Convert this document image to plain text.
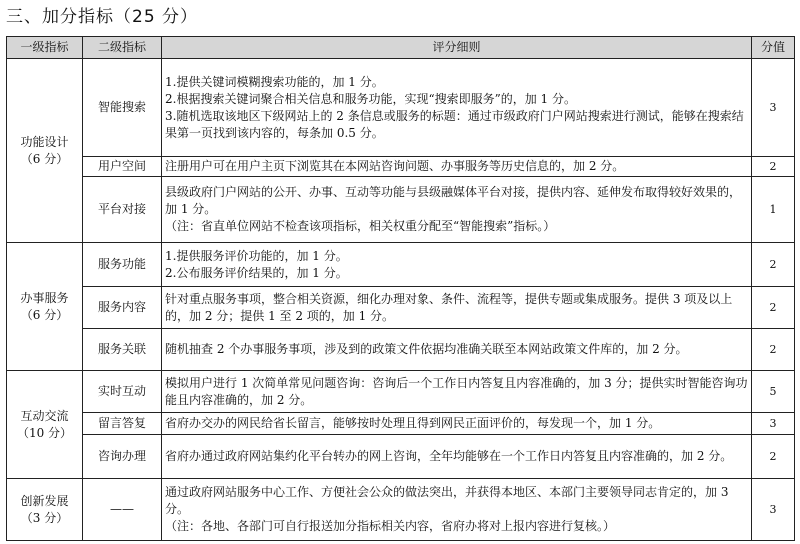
三、加分指标（25 分）
一级指标	二级指标	评分细则	分值

功能设计
（6 分）	智能搜索	1.提供关键词模糊搜索功能的，加 1 分。
2.根据搜索关键词聚合相关信息和服务功能，实现“搜索即服务”的，加 1 分。
3.随机选取该地区下级网站上的 2 条信息或服务的标题：通过市级政府门户网站搜索进行测试，能够在搜索结果第一页找到该内容的，每条加 0.5 分。	3
	用户空间	注册用户可在用户主页下浏览其在本网站咨询问题、办事服务等历史信息的，加 2 分。	2
	平台对接	县级政府门户网站的公开、办事、互动等功能与县级融媒体平台对接，提供内容、延伸发布取得较好效果的，加 1 分。
（注：省直单位网站不检查该项指标，相关权重分配至“智能搜索”指标。）	1

办事服务
（6 分）	服务功能	1.提供服务评价功能的，加 1 分。
2.公布服务评价结果的，加 1 分。	2
	服务内容	针对重点服务事项，整合相关资源，细化办理对象、条件、流程等，提供专题或集成服务。提供 3 项及以上的，加 2 分；提供 1 至 2 项的，加 1 分。	2
	服务关联	随机抽查 2 个办事服务事项，涉及到的政策文件依据均准确关联至本网站政策文件库的，加 2 分。	2

互动交流
（10 分）	实时互动	模拟用户进行 1 次简单常见问题咨询：咨询后一个工作日内答复且内容准确的，加 3 分；提供实时智能咨询功能且内容准确的，加 2 分。	5
	留言答复	省府办交办的网民给省长留言，能够按时处理且得到网民正面评价的，每发现一个，加 1 分。	3
	咨询办理	省府办通过政府网站集约化平台转办的网上咨询，全年均能够在一个工作日内答复且内容准确的，加 2 分。	2

创新发展
（3 分）	——	通过政府网站服务中心工作、方便社会公众的做法突出，并获得本地区、本部门主要领导同志肯定的，加 3 分。
（注：各地、各部门可自行报送加分指标相关内容，省府办将对上报内容进行复核。）	3
